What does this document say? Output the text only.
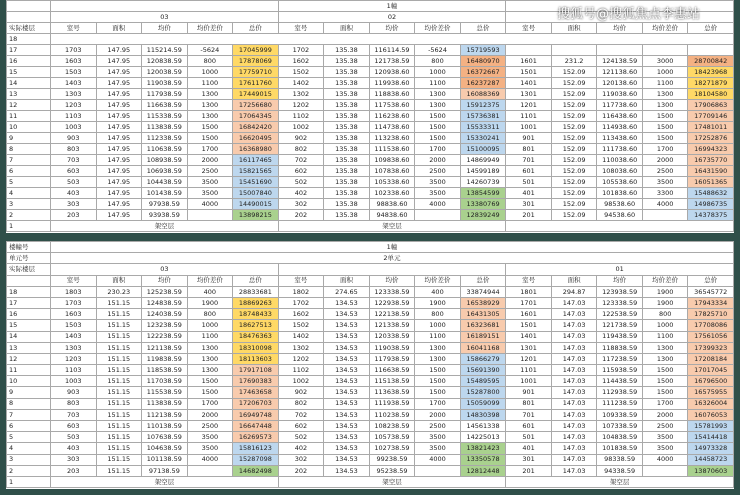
						1幢									
	03					02									
实际楼层	室号	面积	均价	均价差价	总价	室号	面积	均价	均价差价	总价	室号	面积	均价	均价差价	总价
18															
17	1703	147.95	115214.59	-5624	17045999	1702	135.38	116114.59	-5624	15719593					
16	1603	147.95	120838.59	800	17878069	1602	135.38	121738.59	800	16480970	1601	231.2	124138.59	3000	28700842
15	1503	147.95	120038.59	1000	17759710	1502	135.38	120938.60	1000	16372667	1501	152.09	121138.60	1000	18423968
14	1403	147.95	119038.59	1100	17611760	1402	135.38	119938.60	1100	16237287	1401	152.09	120138.60	1100	18271879
13	1303	147.95	117938.59	1300	17449015	1302	135.38	118838.60	1300	16088369	1301	152.09	119038.60	1300	18104580
12	1203	147.95	116638.59	1300	17256680	1202	135.38	117538.60	1300	15912375	1201	152.09	117738.60	1300	17906863
11	1103	147.95	115338.59	1300	17064345	1102	135.38	116238.60	1500	15736381	1101	152.09	116438.60	1500	17709146
10	1003	147.95	113838.59	1500	16842420	1002	135.38	114738.60	1500	15533311	1001	152.09	114938.60	1500	17481011
9	903	147.95	112338.59	1500	16620495	902	135.38	113238.60	1500	15330241	901	152.09	113438.60	1500	17252876
8	803	147.95	110638.59	1700	16368980	802	135.38	111538.60	1700	15100095	801	152.09	111738.60	1700	16994323
7	703	147.95	108938.59	2000	16117465	702	135.38	109838.60	2000	14869949	701	152.09	110038.60	2000	16735770
6	603	147.95	106938.59	2500	15821565	602	135.38	107838.60	2500	14599189	601	152.09	108038.60	2500	16431590
5	503	147.95	104438.59	3500	15451690	502	135.38	105338.60	3500	14260739	501	152.09	105538.60	3500	16051365
4	403	147.95	101438.59	3500	15007840	402	135.38	102338.60	3500	13854599	401	152.09	101838.60	3300	15488632
3	303	147.95	97938.59	4000	14490015	302	135.38	98838.60	4000	13380769	301	152.09	98538.60	4000	14986735
2	203	147.95	93938.59		13898215	202	135.38	94838.60		12839249	201	152.09	94538.60		14378375
1	架空层					架空层									
楼幢号	1幢														
单元号	2单元														
实际楼层	03										01				
	室号	面积	均价	均价差价	总价	室号	面积	均价	均价差价	总价	室号	面积	均价	均价差价	总价
18	1803	230.23	125238.59	400	28833681	1802	274.65	123338.59	400	33874944	1801	294.87	123938.59	1900	36545772
17	1703	151.15	124838.59	1900	18869263	1702	134.53	122938.59	1900	16538929	1701	147.03	123338.59	1900	17943334
16	1603	151.15	124038.59	800	18748433	1602	134.53	122138.59	800	16431305	1601	147.03	122538.59	800	17825710
15	1503	151.15	123238.59	1000	18627513	1502	134.53	121338.59	1000	16323681	1501	147.03	121738.59	1000	17708086
14	1403	151.15	122238.59	1100	18476363	1402	134.53	120338.59	1100	16189151	1401	147.03	119438.59	1100	17561056
13	1303	151.15	121138.59	1300	18310098	1302	134.53	119038.59	1300	16041168	1301	147.03	118838.59	1300	17399323
12	1203	151.15	119838.59	1300	18113603	1202	134.53	117938.59	1300	15866279	1201	147.03	117238.59	1300	17208184
11	1103	151.15	118538.59	1300	17917108	1102	134.53	116638.59	1500	15691390	1101	147.03	115938.59	1500	17017045
10	1003	151.15	117038.59	1500	17690383	1002	134.53	115138.59	1500	15489595	1001	147.03	114438.59	1500	16796500
9	903	151.15	115538.59	1500	17463658	902	134.53	113638.59	1500	15287800	901	147.03	112938.59	1500	16575955
8	803	151.15	113838.59	1700	17206703	802	134.53	111938.59	1700	15059099	801	147.03	111238.59	1700	16326004
7	703	151.15	112138.59	2000	16949748	702	134.53	110238.59	2000	14830398	701	147.03	109338.59	2000	16076053
6	603	151.15	110138.59	2500	16647448	602	134.53	108238.59	2500	14561338	601	147.03	107338.59	2500	15781993
5	503	151.15	107638.59	3500	16269573	502	134.53	105738.59	3500	14225013	501	147.03	104838.59	3500	15414418
4	403	151.15	104638.59	3500	15816123	402	134.53	102738.59	3500	13821423	401	147.03	101838.59	3500	14973328
3	303	151.15	101138.59	4000	15287098	302	134.53	99238.59	4000	13350578	301	147.03	98338.59	4000	14458723
2	203	151.15	97138.59		14682498	202	134.53	95238.59		12812448	201	147.03	94338.59		13870603
1	架空层					架空层					架空层				
搜狐号@搜狐焦点李惠站
